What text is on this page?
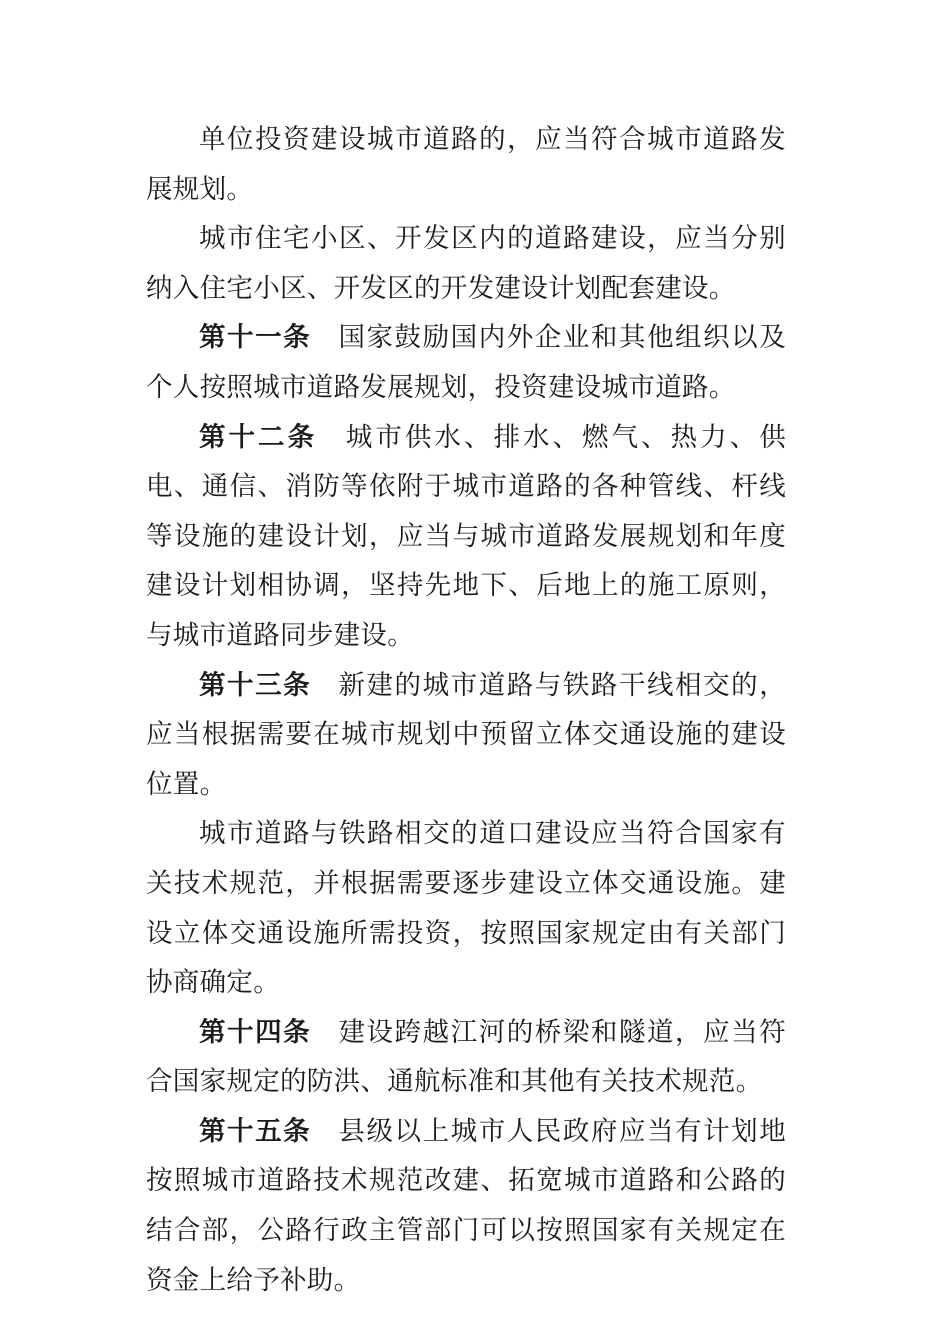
单位投资建设城市道路的，应当符合城市道路发展规划。

城市住宅小区、开发区内的道路建设，应当分别纳入住宅小区、开发区的开发建设计划配套建设。

第十一条 国家鼓励国内外企业和其他组织以及个人按照城市道路发展规划，投资建设城市道路。

第十二条 城市供水、排水、燃气、热力、供电、通信、消防等依附于城市道路的各种管线、杆线等设施的建设计划，应当与城市道路发展规划和年度建设计划相协调，坚持先地下、后地上的施工原则，与城市道路同步建设。

第十三条 新建的城市道路与铁路干线相交的，应当根据需要在城市规划中预留立体交通设施的建设位置。

城市道路与铁路相交的道口建设应当符合国家有关技术规范，并根据需要逐步建设立体交通设施。建设立体交通设施所需投资，按照国家规定由有关部门协商确定。

第十四条 建设跨越江河的桥梁和隧道，应当符合国家规定的防洪、通航标准和其他有关技术规范。

第十五条 县级以上城市人民政府应当有计划地按照城市道路技术规范改建、拓宽城市道路和公路的结合部，公路行政主管部门可以按照国家有关规定在资金上给予补助。
